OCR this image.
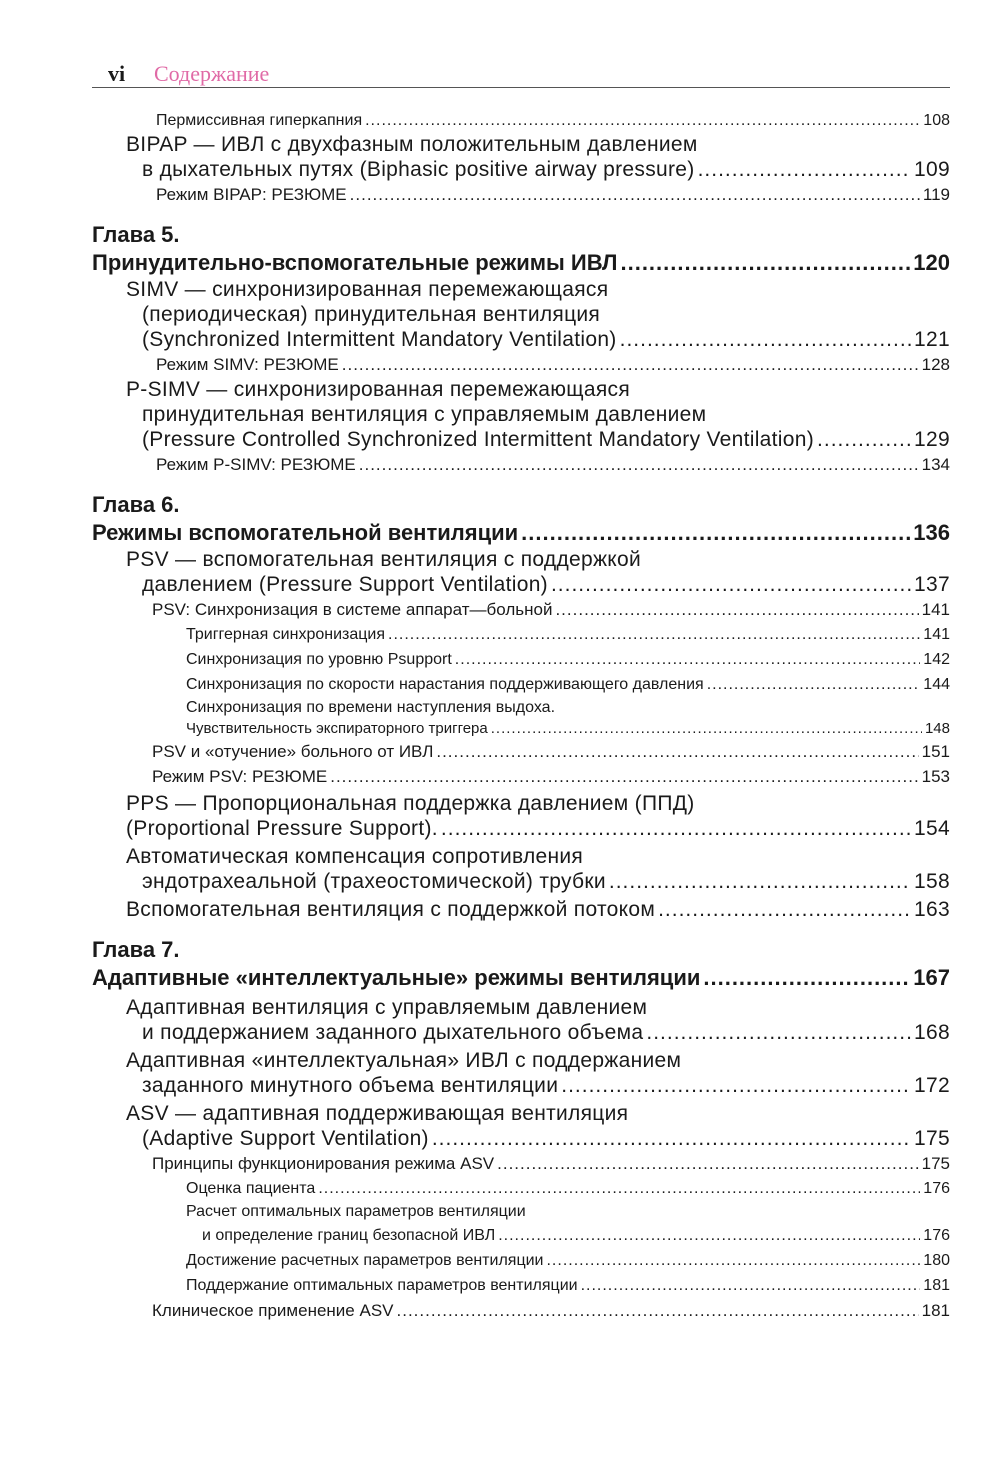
vi Содержание
Пермиссивная гиперкапния .....	108
BIPAP — ИВЛ с двухфазным положительным давлением
в дыхательных путях (Biphasic positive airway pressure) .....	109
Режим BIPAP: РЕЗЮМЕ .....	119
Глава 5.
Принудительно-вспомогательные режимы ИВЛ .....	120
SIMV — синхронизированная перемежающаяся
(периодическая) принудительная вентиляция
(Synchronized Intermittent Mandatory Ventilation) .....	121
Режим SIMV: РЕЗЮМЕ .....	128
P-SIMV — синхронизированная перемежающаяся
принудительная вентиляция с управляемым давлением
(Pressure Controlled Synchronized Intermittent Mandatory Ventilation) .....	129
Режим P-SIMV: РЕЗЮМЕ .....	134
Глава 6.
Режимы вспомогательной вентиляции .....	136
PSV — вспомогательная вентиляция с поддержкой
давлением (Pressure Support Ventilation) .....	137
PSV: Синхронизация в системе аппарат—больной .....	141
Триггерная синхронизация .....	141
Синхронизация по уровню Psupport .....	142
Синхронизация по скорости нарастания поддерживающего давления .....	144
Синхронизация по времени наступления выдоха.
Чувствительность экспираторного триггера .....	148
PSV и «отучение» больного от ИВЛ .....	151
Режим PSV: РЕЗЮМЕ .....	153
PPS — Пропорциональная поддержка давлением (ППД)
(Proportional Pressure Support). .....	154
Автоматическая компенсация сопротивления
эндотрахеальной (трахеостомической) трубки .....	158
Вспомогательная вентиляция с поддержкой потоком .....	163
Глава 7.
Адаптивные «интеллектуальные» режимы вентиляции .....	167
Адаптивная вентиляция с управляемым давлением
и поддержанием заданного дыхательного объема .....	168
Адаптивная «интеллектуальная» ИВЛ с поддержанием
заданного минутного объема вентиляции .....	172
ASV — адаптивная поддерживающая вентиляция
(Adaptive Support Ventilation) .....	175
Принципы функционирования режима ASV .....	175
Оценка пациента .....	176
Расчет оптимальных параметров вентиляции
и определение границ безопасной ИВЛ .....	176
Достижение расчетных параметров вентиляции .....	180
Поддержание оптимальных параметров вентиляции .....	181
Клиническое применение ASV .....	181
